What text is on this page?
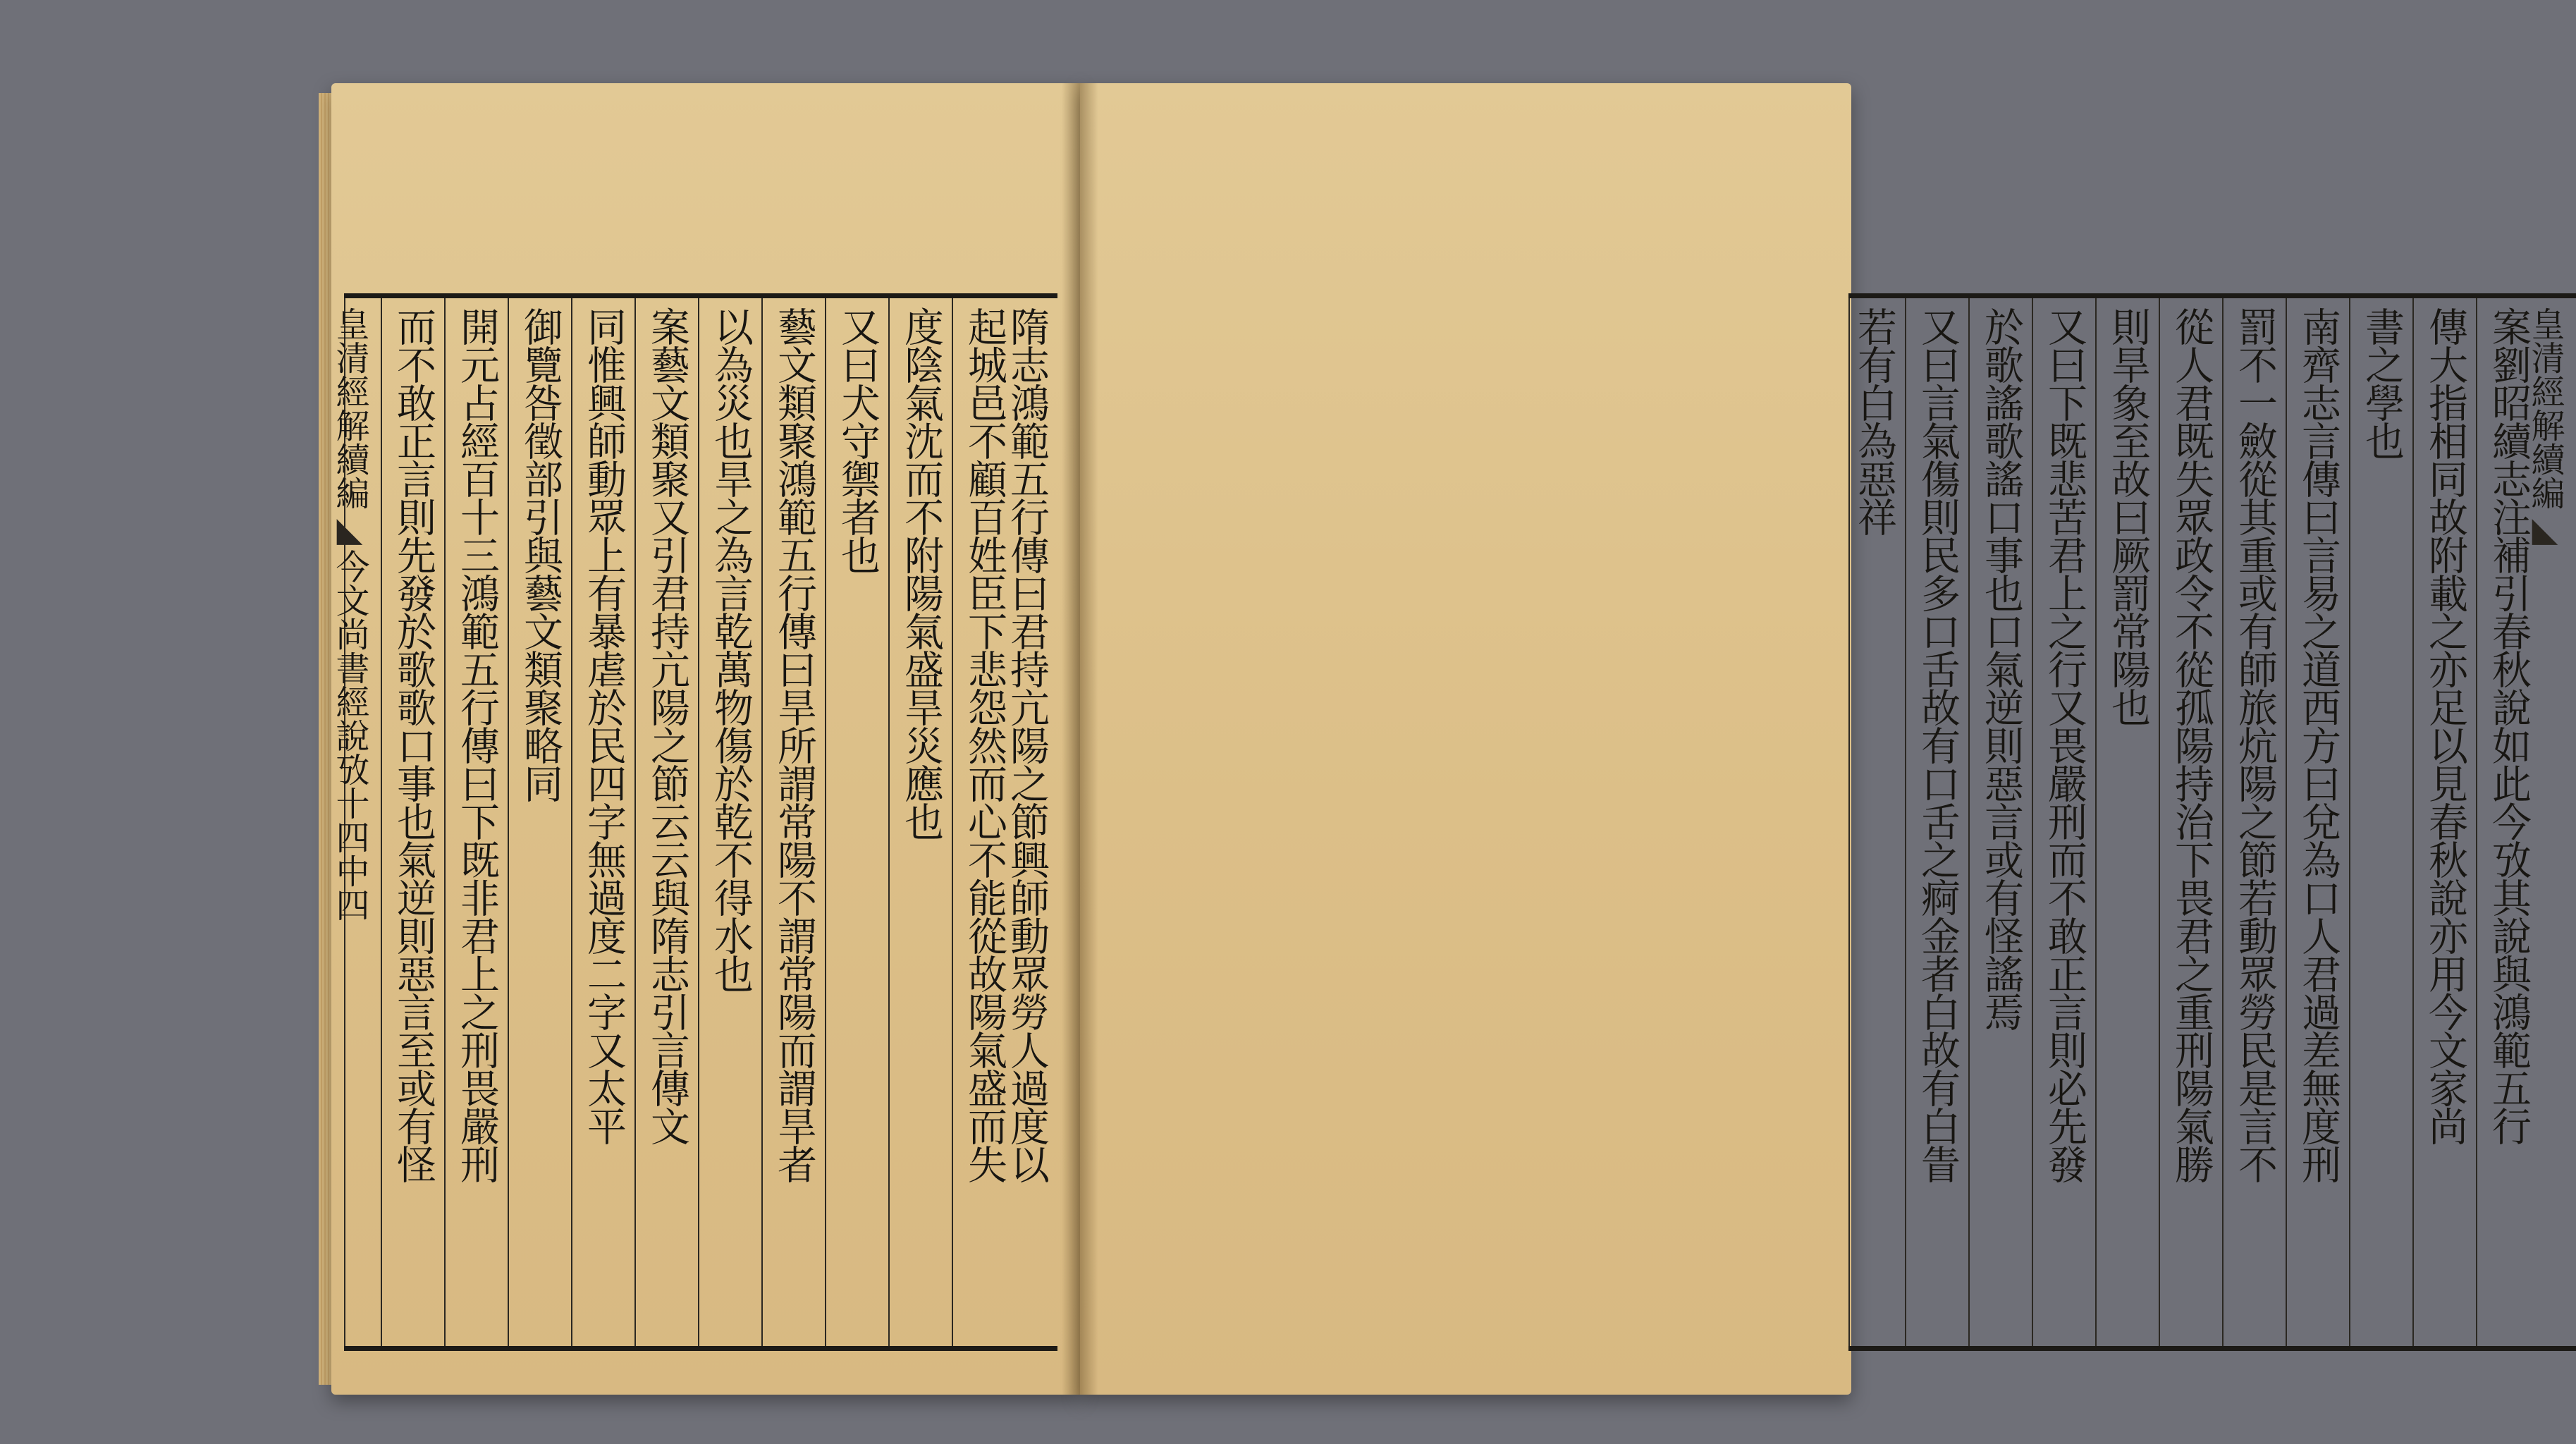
隋志鴻範五行傳曰君持亢陽之節興師動眾勞人過度以
起城邑不顧百姓臣下悲怨然而心不能從故陽氣盛而失
度陰氣沈而不附陽氣盛旱災應也
又曰犬守禦者也
藝文類聚鴻範五行傳曰旱所謂常陽不謂常陽而謂旱者
以為災也旱之為言乾萬物傷於乾不得水也
案藝文類聚又引君持亢陽之節云云與隋志引言傳文
同惟興師動眾上有暴虐於民四字無過度二字又太平
御覽咎徵部引與藝文類聚略同
開元占經百十三鴻範五行傳曰下既非君上之刑畏嚴刑
而不敢正言則先發於歌歌口事也氣逆則惡言至或有怪
皇清經解續編◣今文尚書經說攷十四中四
皇清經解續編◣
案劉昭續志注補引春秋說如此今攷其說與鴻範五行
傳大指相同故附載之亦足以見春秋說亦用今文家尚
書之學也
南齊志言傳曰言易之道西方曰兌為口人君過差無度刑
罰不一斂從其重或有師旅炕陽之節若動眾勞民是言不
從人君既失眾政令不從孤陽持治下畏君之重刑陽氣勝
則旱象至故曰厥罰常陽也
又曰下既悲苦君上之行又畏嚴刑而不敢正言則必先發
於歌謠歌謠口事也口氣逆則惡言或有怪謠焉
又曰言氣傷則民多口舌故有口舌之痾金者白故有白眚
若有白為惡祥
